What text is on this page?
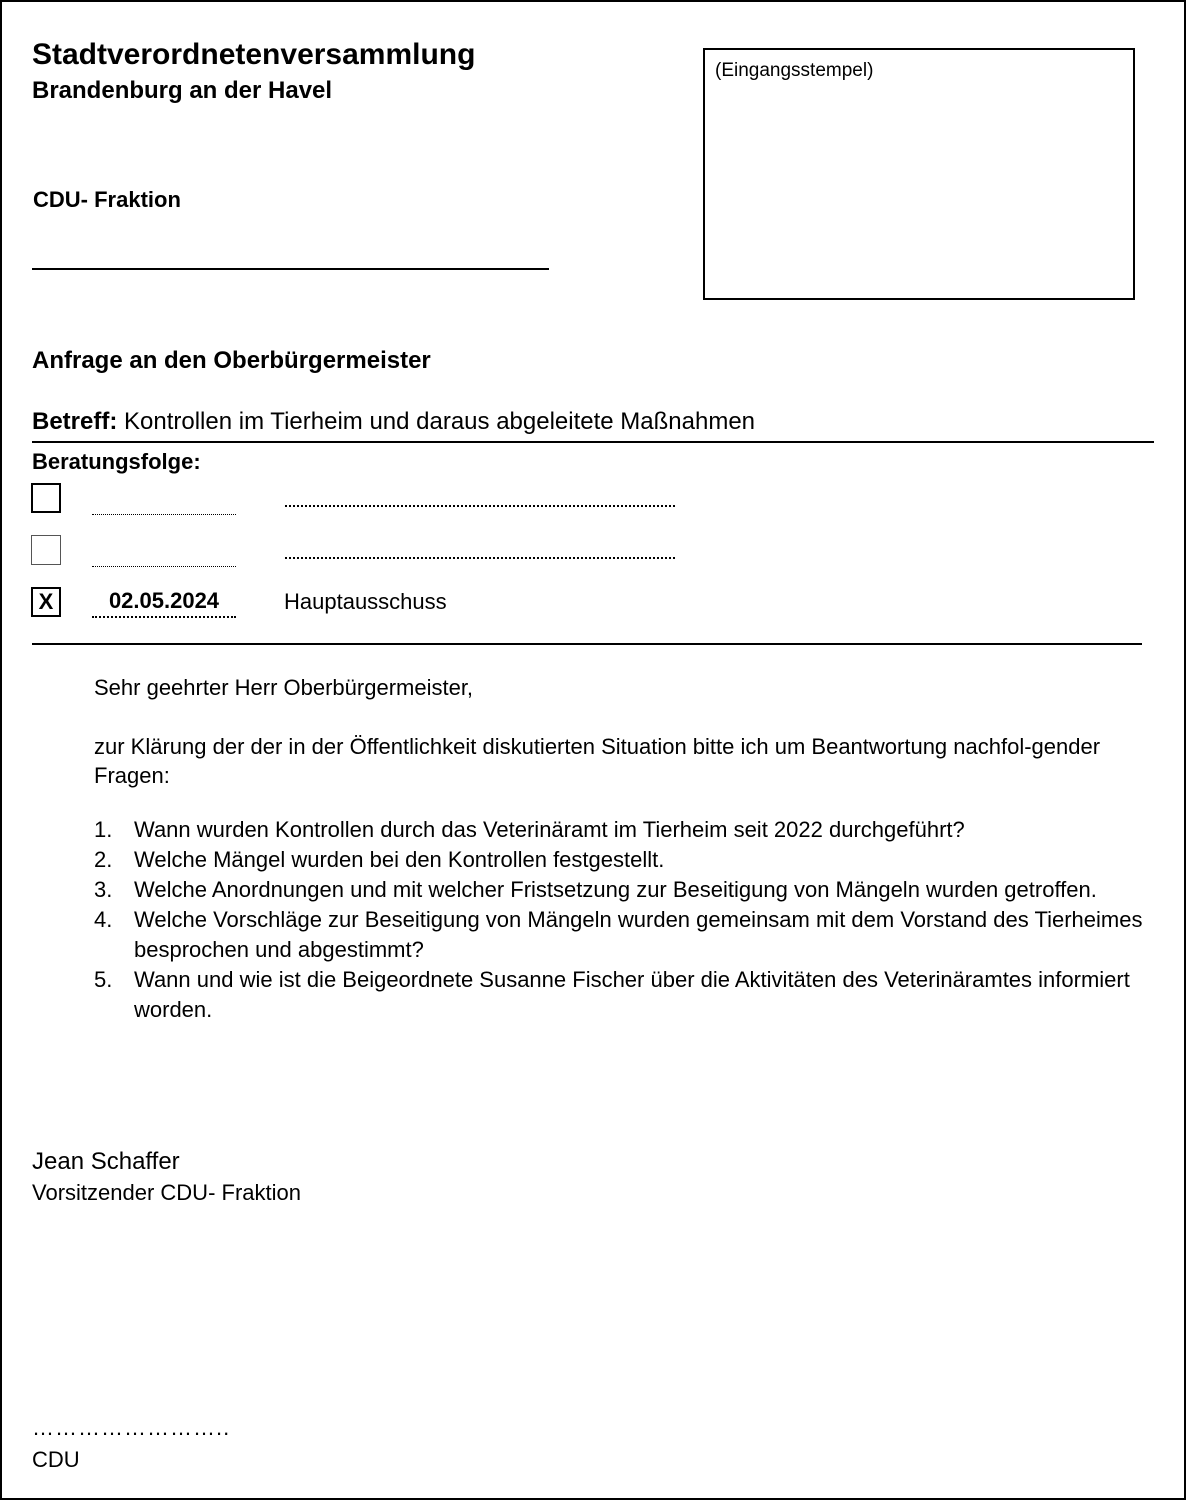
Stadtverordnetenversammlung
Brandenburg an der Havel
CDU- Fraktion
(Eingangsstempel)
Anfrage an den Oberbürgermeister
Betreff: Kontrollen im Tierheim und daraus abgeleitete Maßnahmen
Beratungsfolge:
X	02.05.2024	Hauptausschuss
Sehr geehrter Herr Oberbürgermeister,
zur Klärung der der in der Öffentlichkeit diskutierten Situation bitte ich um Beantwortung nachfol-gender Fragen:
1. Wann wurden Kontrollen durch das Veterinäramt im Tierheim seit 2022 durchgeführt?
2. Welche Mängel wurden bei den Kontrollen festgestellt.
3. Welche Anordnungen und mit welcher Fristsetzung zur Beseitigung von Mängeln wurden getroffen.
4. Welche Vorschläge zur Beseitigung von Mängeln wurden gemeinsam mit dem Vorstand des Tierheimes besprochen und abgestimmt?
5. Wann und wie ist die Beigeordnete Susanne Fischer über die Aktivitäten des Veterinäramtes informiert worden.
Jean Schaffer
Vorsitzender CDU- Fraktion
……………………..
CDU
